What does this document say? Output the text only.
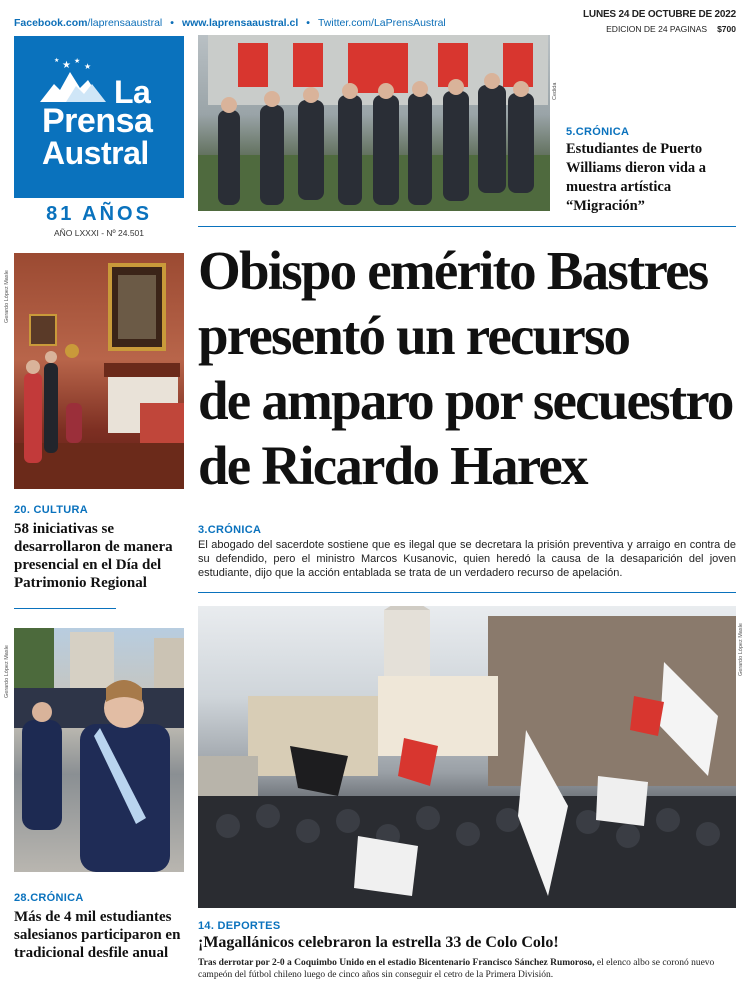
Facebook.com/laprensaaustral • www.laprensaaustral.cl • Twitter.com/LaPrensAustral
LUNES 24 DE OCTUBRE DE 2022
EDICION DE 24 PAGINAS $700
★ ★
★
★
La
Prensa
Austral
81 AÑOS
AÑO LXXXI - Nº 24.501
Cedida
5.CRÓNICA
Estudiantes de Puerto Williams dieron vida a muestra artística “Migración”
Obispo emérito Bastres
presentó un recurso
de amparo por secuestro
de Ricardo Harex
3.CRÓNICA
El abogado del sacerdote sostiene que es ilegal que se decretara la prisión preventiva y arraigo en contra de su defendido, pero el ministro Marcos Kusanovic, quien heredó la causa de la desaparición del joven estudiante, dijo que la acción entablada se trata de un verdadero recurso de apelación.
Gerardo López Masle
20. CULTURA
58 iniciativas se desarrollaron de manera presencial en el Día del Patrimonio Regional
Gerardo López Masle
28.CRÓNICA
Más de 4 mil estudiantes salesianos participaron en tradicional desfile anual
Gerardo López Masle
14. DEPORTES
¡Magallánicos celebraron la estrella 33 de Colo Colo!
Tras derrotar por 2-0 a Coquimbo Unido en el estadio Bicentenario Francisco Sánchez Rumoroso, el elenco albo se coronó nuevo campeón del fútbol chileno luego de cinco años sin conseguir el cetro de la Primera División.
